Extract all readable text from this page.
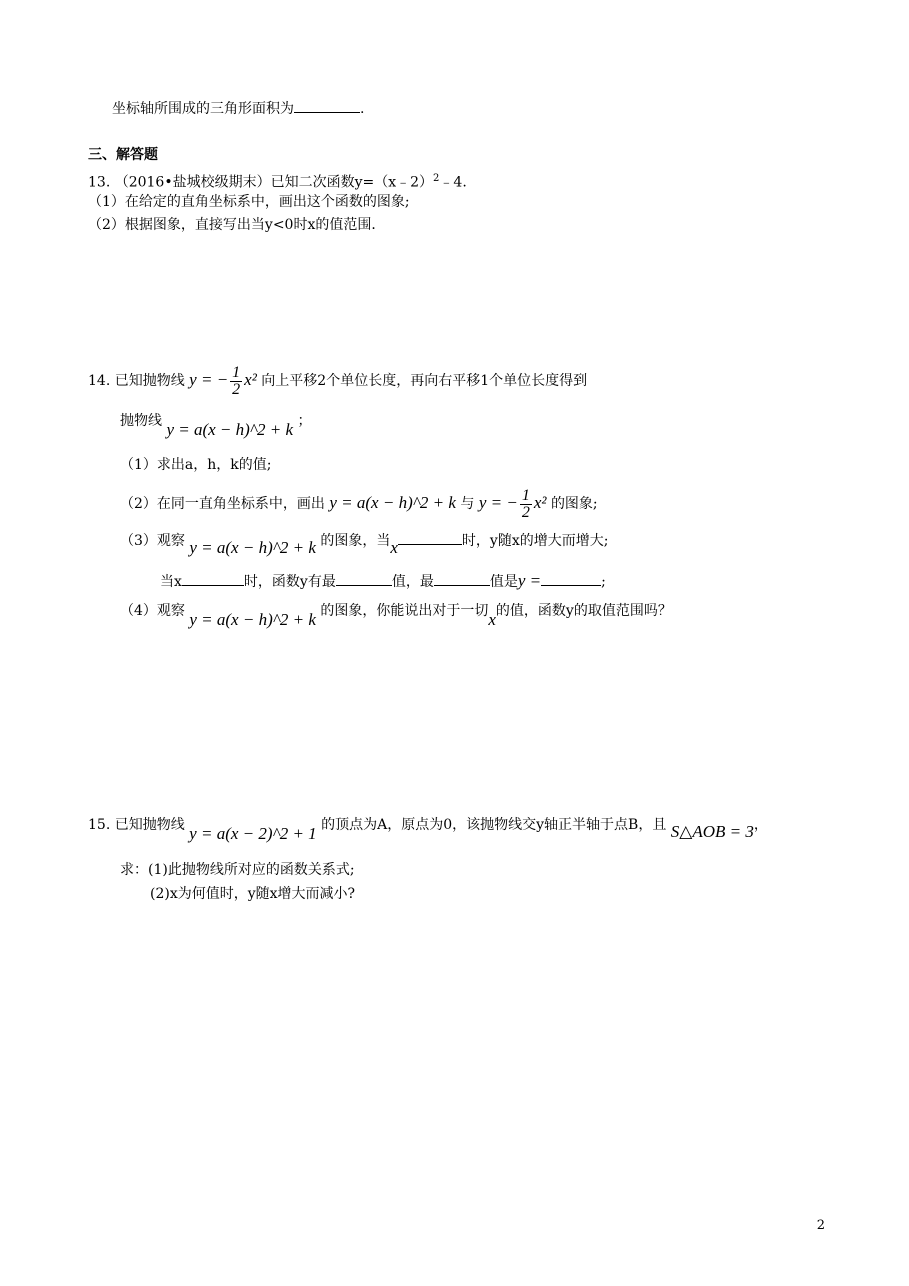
坐标轴所围成的三角形面积为	.
三、解答题
13. （2016•盐城校级期末）已知二次函数y=（x﹣2）$^2$﹣4.
（1）在给定的直角坐标系中，画出这个函数的图象;
（2）根据图象，直接写出当y<0时x的值范围．
14. 已知抛物线 y = − $\frac{1}{2} x^2$ 向上平移2个单位长度，再向右平移1个单位长度得到
抛物线 y = a(x − h)^2 + k ；
（1）求出a，h，k的值;
（2）在同一直角坐标系中，画出 y = a(x − h)^2 + k 与 y = − $\frac{1}{2} x^2$ 的图象;
（3）观察 y = a(x − h)^2 + k 的图象，当x	时，y随x的增大而增大;
当x	时，函数y有最	值，最	值是y =	;
（4）观察 y = a(x − h)^2 + k 的图象，你能说出对于一切x的值，函数y的取值范围吗？
15. 已知抛物线 y = a(x − 2)^2 + 1 的顶点为A，原点为0，该抛物线交y轴正半轴于点B，且 S△AOB = 3，
求：(1)此抛物线所对应的函数关系式;
(2)x为何值时，y随x增大而减小?
2
